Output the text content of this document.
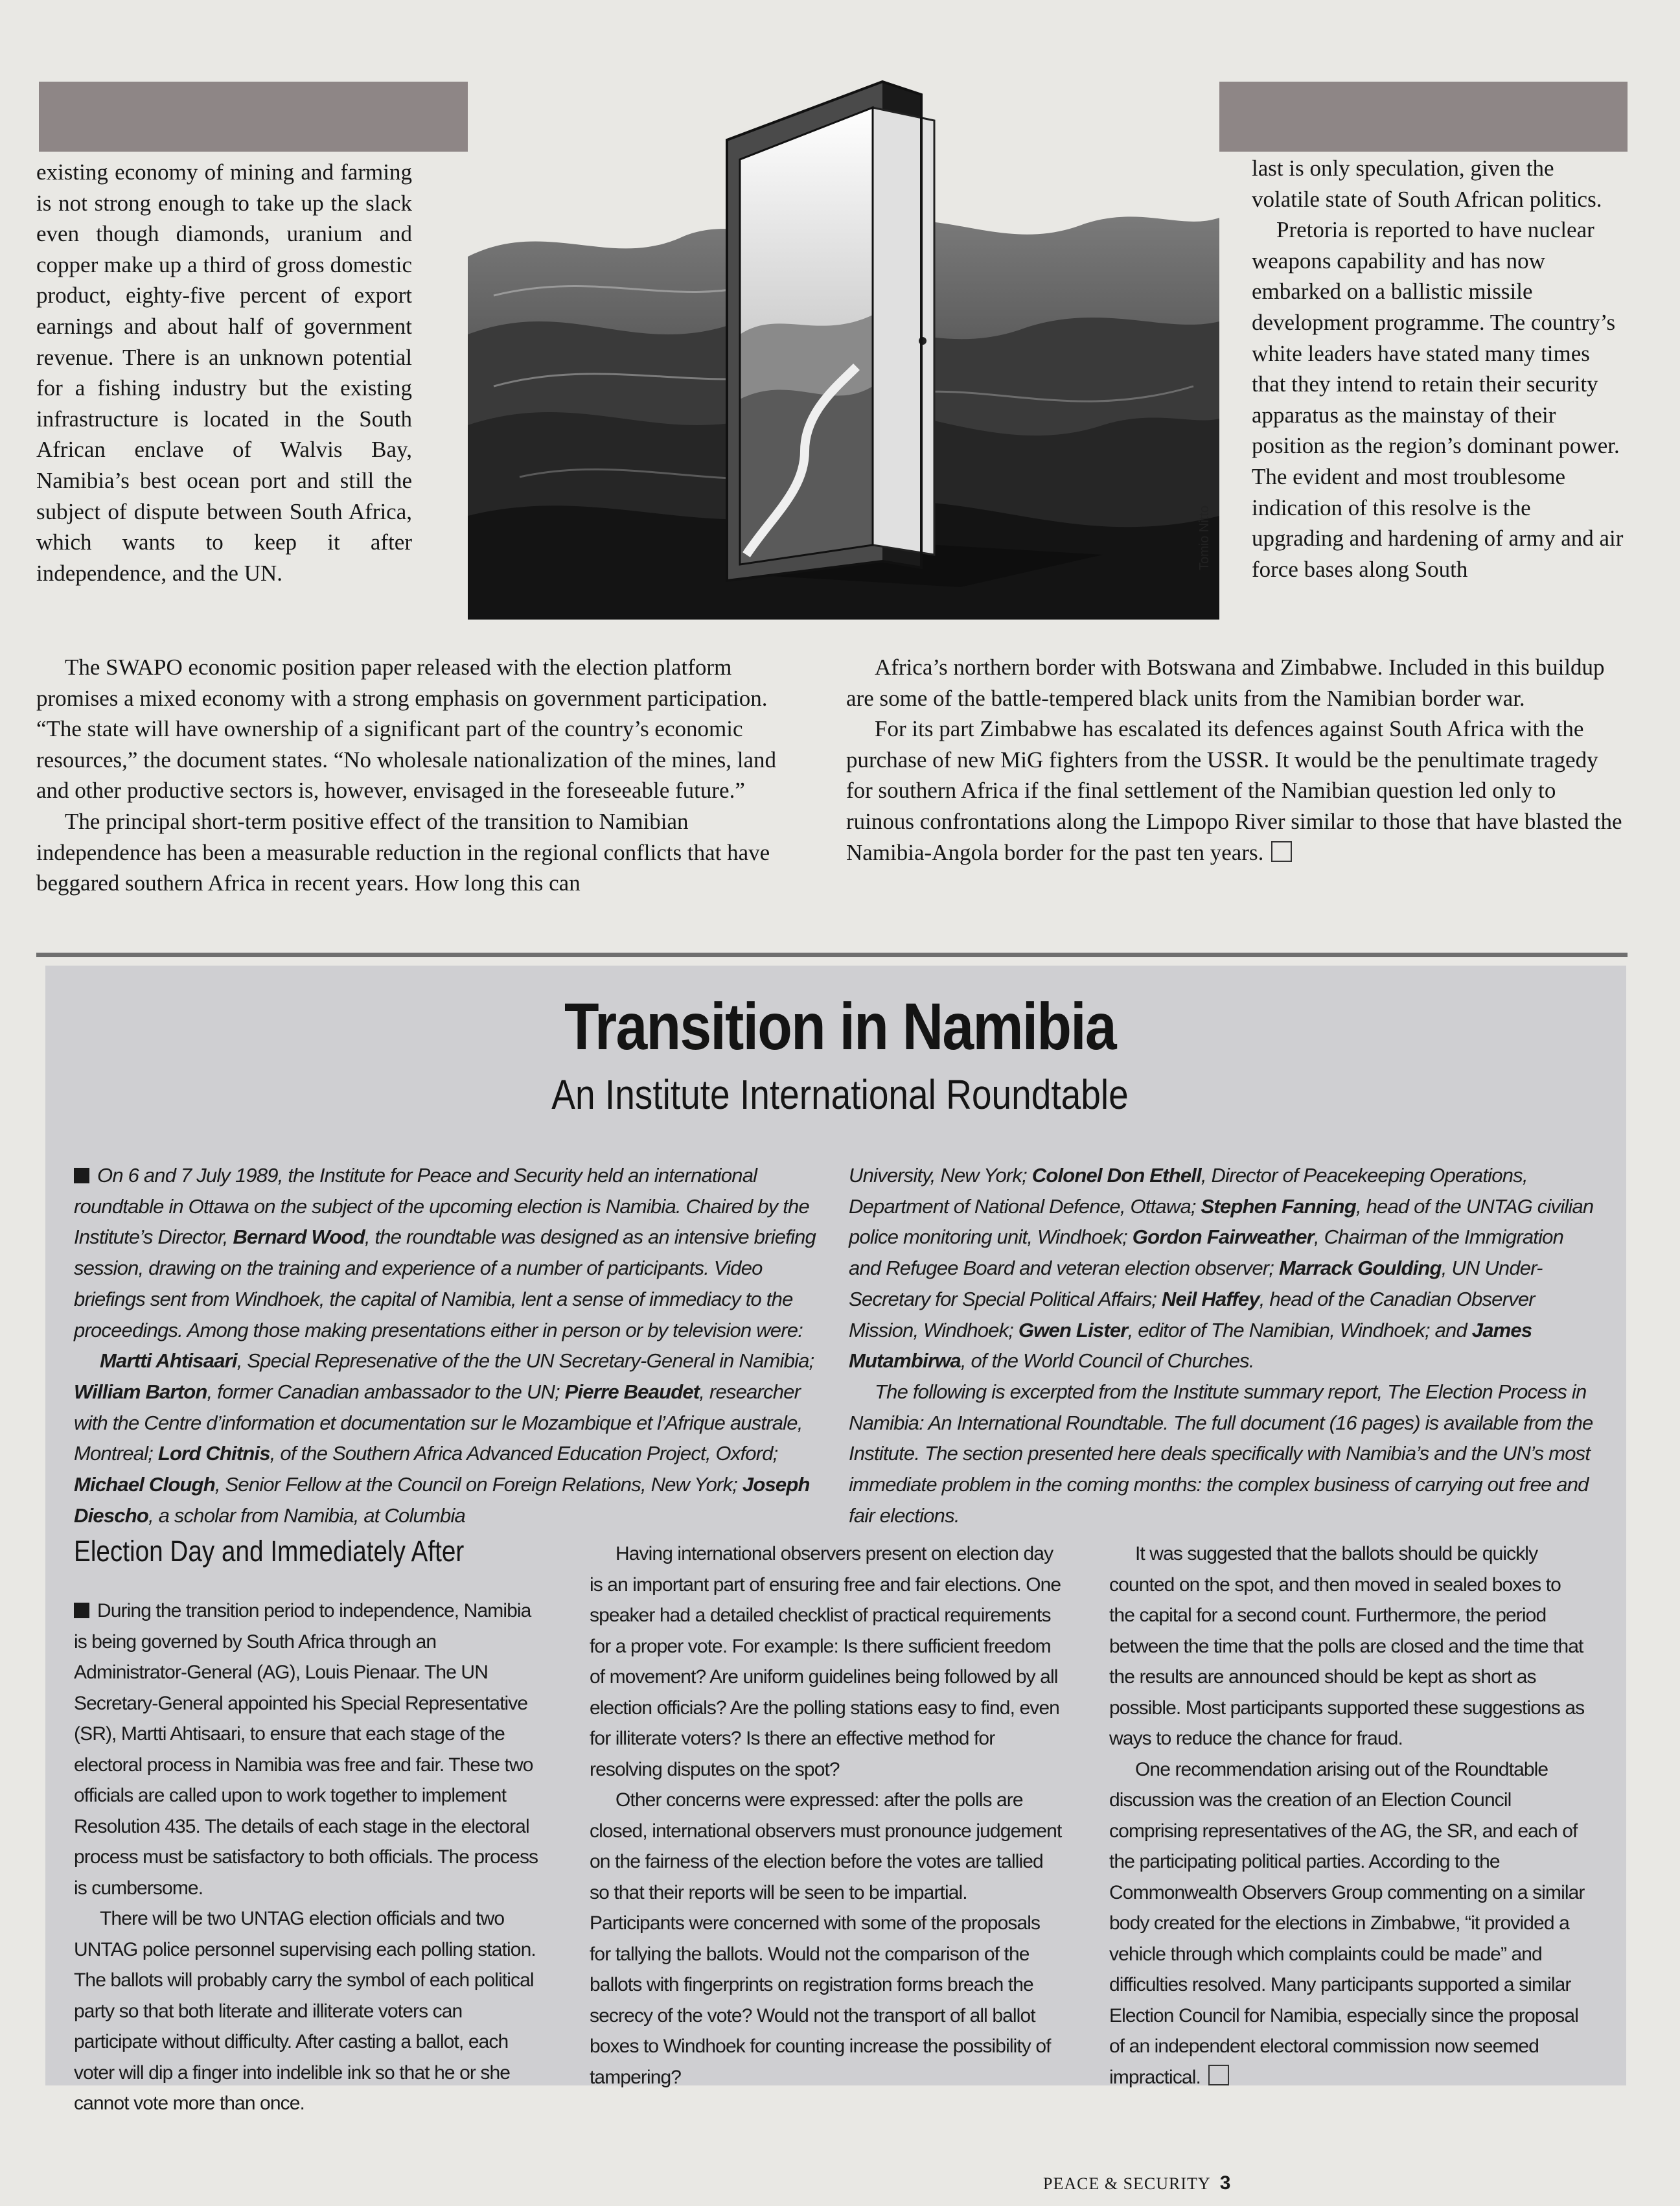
Tomio Nitto

existing economy of mining and farming is not strong enough to take up the slack even though diamonds, uranium and copper make up a third of gross domestic product, eighty-five percent of export earnings and about half of government revenue. There is an unknown potential for a fishing industry but the existing infrastructure is located in the South African enclave of Walvis Bay, Namibia’s best ocean port and still the subject of dispute between South Africa, which wants to keep it after independence, and the UN.

last is only speculation, given the volatile state of South African politics.

Pretoria is reported to have nuclear weapons capability and has now embarked on a ballistic missile development programme. The country’s white leaders have stated many times that they intend to retain their security apparatus as the mainstay of their position as the region’s dominant power. The evident and most troublesome indication of this resolve is the upgrading and hardening of army and air force bases along South

The SWAPO economic position paper released with the election platform promises a mixed economy with a strong emphasis on government participation. “The state will have ownership of a significant part of the country’s economic resources,” the document states. “No wholesale nationalization of the mines, land and other productive sectors is, however, envisaged in the foreseeable future.”

The principal short-term positive effect of the transition to Namibian independence has been a measurable reduction in the regional conflicts that have beggared southern Africa in recent years. How long this can

Africa’s northern border with Botswana and Zimbabwe. Included in this buildup are some of the battle-tempered black units from the Namibian border war.

For its part Zimbabwe has escalated its defences against South Africa with the purchase of new MiG fighters from the USSR. It would be the penultimate tragedy for southern Africa if the final settlement of the Namibian question led only to ruinous confrontations along the Limpopo River similar to those that have blasted the Namibia-Angola border for the past ten years.

Transition in Namibia
An Institute International Roundtable

On 6 and 7 July 1989, the Institute for Peace and Security held an international roundtable in Ottawa on the subject of the upcoming election is Namibia. Chaired by the Institute’s Director, Bernard Wood, the roundtable was designed as an intensive briefing session, drawing on the training and experience of a number of participants. Video briefings sent from Windhoek, the capital of Namibia, lent a sense of immediacy to the proceedings. Among those making presentations either in person or by television were:

Martti Ahtisaari, Special Represenative of the the UN Secretary-General in Namibia; William Barton, former Canadian ambassador to the UN; Pierre Beaudet, researcher with the Centre d’information et documentation sur le Mozambique et l’Afrique australe, Montreal; Lord Chitnis, of the Southern Africa Advanced Education Project, Oxford; Michael Clough, Senior Fellow at the Council on Foreign Relations, New York; Joseph Diescho, a scholar from Namibia, at Columbia

University, New York; Colonel Don Ethell, Director of Peacekeeping Operations, Department of National Defence, Ottawa; Stephen Fanning, head of the UNTAG civilian police monitoring unit, Windhoek; Gordon Fairweather, Chairman of the Immigration and Refugee Board and veteran election observer; Marrack Goulding, UN Under-Secretary for Special Political Affairs; Neil Haffey, head of the Canadian Observer Mission, Windhoek; Gwen Lister, editor of The Namibian, Windhoek; and James Mutambirwa, of the World Council of Churches.

The following is excerpted from the Institute summary report, The Election Process in Namibia: An International Roundtable. The full document (16 pages) is available from the Institute. The section presented here deals specifically with Namibia’s and the UN’s most immediate problem in the coming months: the complex business of carrying out free and fair elections.

Election Day and Immediately After

During the transition period to independence, Namibia is being governed by South Africa through an Administrator-General (AG), Louis Pienaar. The UN Secretary-General appointed his Special Representative (SR), Martti Ahtisaari, to ensure that each stage of the electoral process in Namibia was free and fair. These two officials are called upon to work together to implement Resolution 435. The details of each stage in the electoral process must be satisfactory to both officials. The process is cumbersome.

There will be two UNTAG election officials and two UNTAG police personnel supervising each polling station. The ballots will probably carry the symbol of each political party so that both literate and illiterate voters can participate without difficulty. After casting a ballot, each voter will dip a finger into indelible ink so that he or she cannot vote more than once.

Having international observers present on election day is an important part of ensuring free and fair elections. One speaker had a detailed checklist of practical requirements for a proper vote. For example: Is there sufficient freedom of movement? Are uniform guidelines being followed by all election officials? Are the polling stations easy to find, even for illiterate voters? Is there an effective method for resolving disputes on the spot?

Other concerns were expressed: after the polls are closed, international observers must pronounce judgement on the fairness of the election before the votes are tallied so that their reports will be seen to be impartial. Participants were concerned with some of the proposals for tallying the ballots. Would not the comparison of the ballots with fingerprints on registration forms breach the secrecy of the vote? Would not the transport of all ballot boxes to Windhoek for counting increase the possibility of tampering?

It was suggested that the ballots should be quickly counted on the spot, and then moved in sealed boxes to the capital for a second count. Furthermore, the period between the time that the polls are closed and the time that the results are announced should be kept as short as possible. Most participants supported these suggestions as ways to reduce the chance for fraud.

One recommendation arising out of the Roundtable discussion was the creation of an Election Council comprising representatives of the AG, the SR, and each of the participating political parties. According to the Commonwealth Observers Group commenting on a similar body created for the elections in Zimbabwe, “it provided a vehicle through which complaints could be made” and difficulties resolved. Many participants supported a similar Election Council for Namibia, especially since the proposal of an independent electoral commission now seemed impractical.

PEACE & SECURITY 3
